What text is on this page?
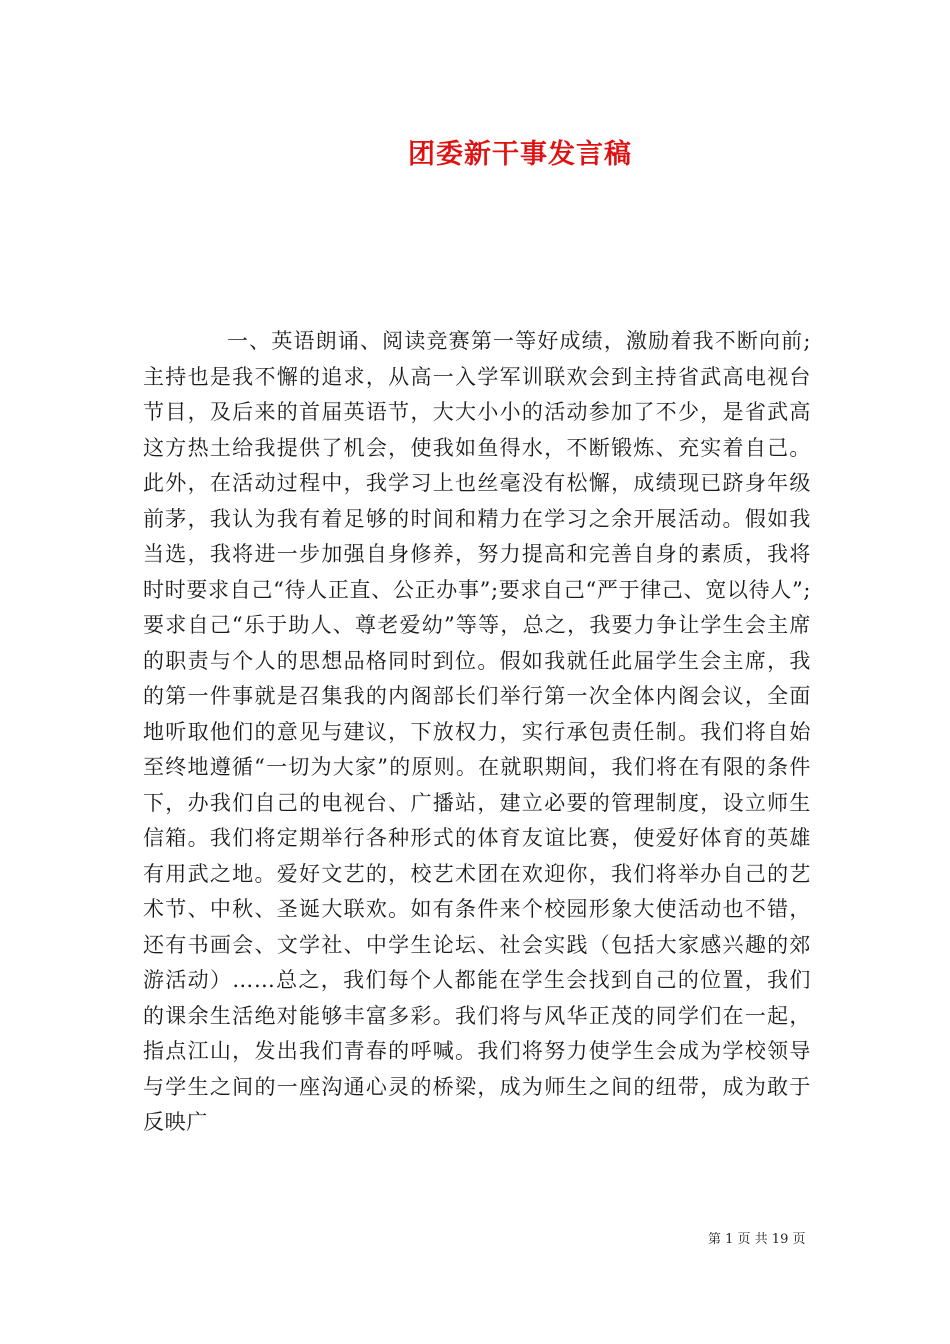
团委新干事发言稿

一、英语朗诵、阅读竞赛第一等好成绩，激励着我不断向前;主持也是我不懈的追求，从高一入学军训联欢会到主持省武高电视台节目，及后来的首届英语节，大大小小的活动参加了不少，是省武高这方热土给我提供了机会，使我如鱼得水，不断锻炼、充实着自己。此外，在活动过程中，我学习上也丝毫没有松懈，成绩现已跻身年级前茅，我认为我有着足够的时间和精力在学习之余开展活动。假如我当选，我将进一步加强自身修养，努力提高和完善自身的素质，我将时时要求自己“待人正直、公正办事”;要求自己“严于律己、宽以待人”;要求自己“乐于助人、尊老爱幼”等等，总之，我要力争让学生会主席的职责与个人的思想品格同时到位。假如我就任此届学生会主席，我的第一件事就是召集我的内阁部长们举行第一次全体内阁会议，全面地听取他们的意见与建议，下放权力，实行承包责任制。我们将自始至终地遵循“一切为大家”的原则。在就职期间，我们将在有限的条件下，办我们自己的电视台、广播站，建立必要的管理制度，设立师生信箱。我们将定期举行各种形式的体育友谊比赛，使爱好体育的英雄有用武之地。爱好文艺的，校艺术团在欢迎你，我们将举办自己的艺术节、中秋、圣诞大联欢。如有条件来个校园形象大使活动也不错，还有书画会、文学社、中学生论坛、社会实践（包括大家感兴趣的郊游活动）……总之，我们每个人都能在学生会找到自己的位置，我们的课余生活绝对能够丰富多彩。我们将与风华正茂的同学们在一起，指点江山，发出我们青春的呼喊。我们将努力使学生会成为学校领导与学生之间的一座沟通心灵的桥梁，成为师生之间的纽带，成为敢于反映广

第 1 页 共 19 页
